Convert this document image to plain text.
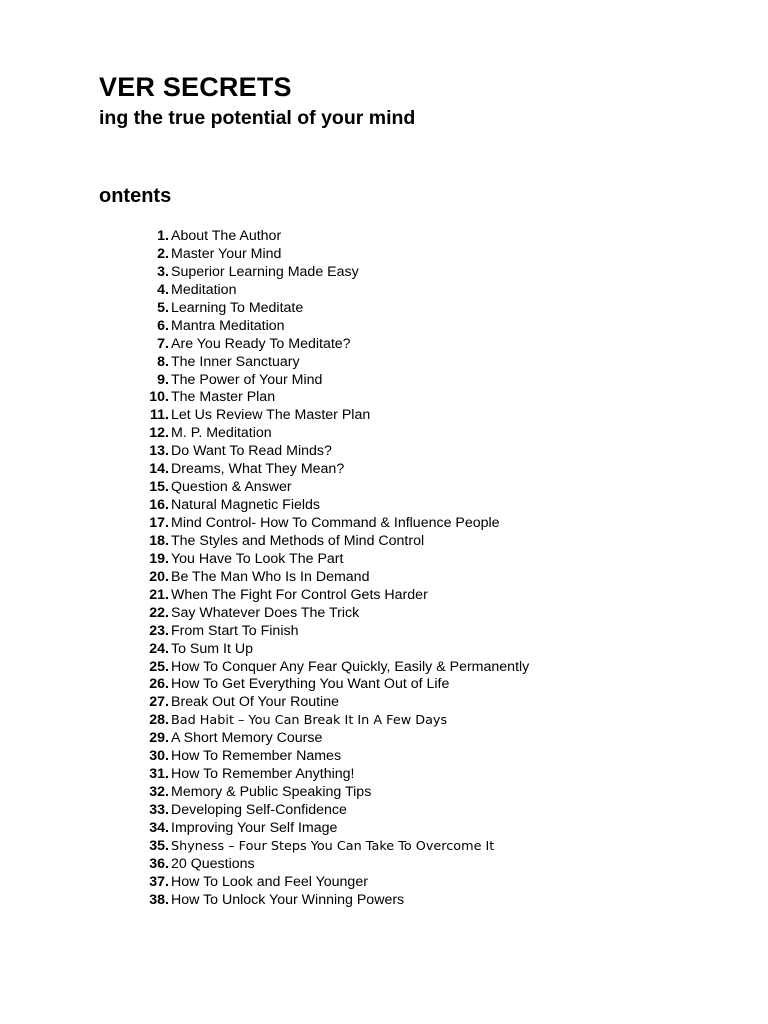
VER SECRETS
ing the true potential of your mind
ontents
1. About The Author
2. Master Your Mind
3. Superior Learning Made Easy
4. Meditation
5. Learning To Meditate
6. Mantra Meditation
7. Are You Ready To Meditate?
8. The Inner Sanctuary
9. The Power of Your Mind
10. The Master Plan
11. Let Us Review The Master Plan
12. M. P. Meditation
13. Do Want To Read Minds?
14. Dreams, What They Mean?
15. Question & Answer
16. Natural Magnetic Fields
17. Mind Control- How To Command & Influence People
18. The Styles and Methods of Mind Control
19. You Have To Look The Part
20. Be The Man Who Is In Demand
21. When The Fight For Control Gets Harder
22. Say Whatever Does The Trick
23. From Start To Finish
24. To Sum It Up
25. How To Conquer Any Fear Quickly, Easily & Permanently
26. How To Get Everything You Want Out of Life
27. Break Out Of Your Routine
28. Bad Habit – You Can Break It In A Few Days
29. A Short Memory Course
30. How To Remember Names
31. How To Remember Anything!
32. Memory & Public Speaking Tips
33. Developing Self-Confidence
34. Improving Your Self Image
35. Shyness – Four Steps You Can Take To Overcome It
36. 20 Questions
37. How To Look and Feel Younger
38. How To Unlock Your Winning Powers
